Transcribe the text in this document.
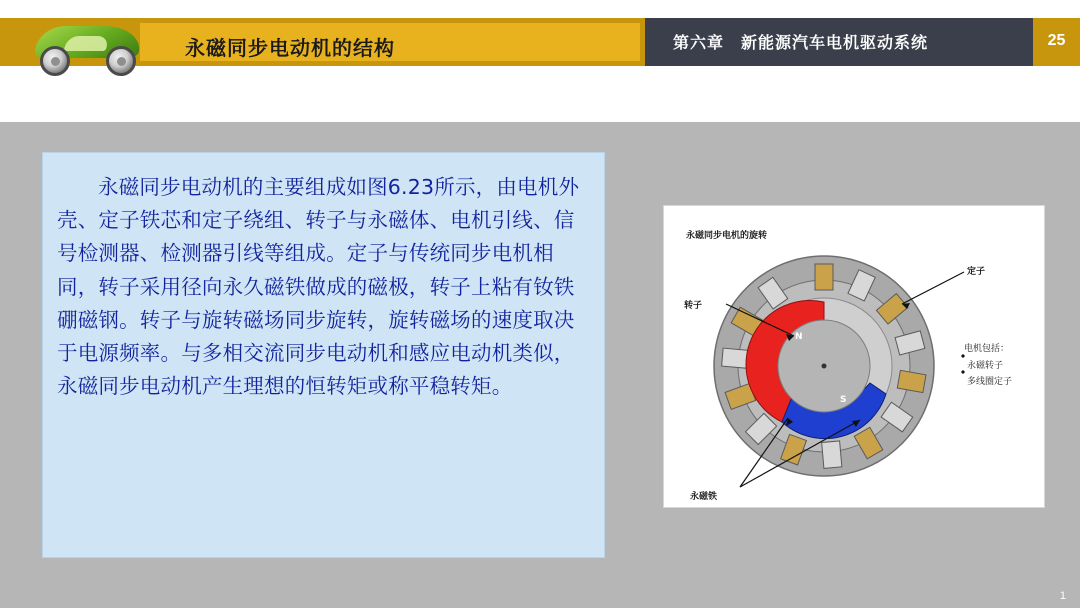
永磁同步电动机的结构	第六章　新能源汽车电机驱动系统	25

永磁同步电动机的主要组成如图6.23所示，由电机外壳、定子铁芯和定子绕组、转子与永磁体、电机引线、信号检测器、检测器引线等组成。定子与传统同步电机相同，转子采用径向永久磁铁做成的磁极，转子上粘有钕铁硼磁钢。转子与旋转磁场同步旋转，旋转磁场的速度取决于电源频率。与多相交流同步电动机和感应电动机类似，永磁同步电动机产生理想的恒转矩或称平稳转矩。

永磁同步电机的旋转
N
S
定子
转子
永磁铁
电机包括：
永磁转子
多线圈定子
1
